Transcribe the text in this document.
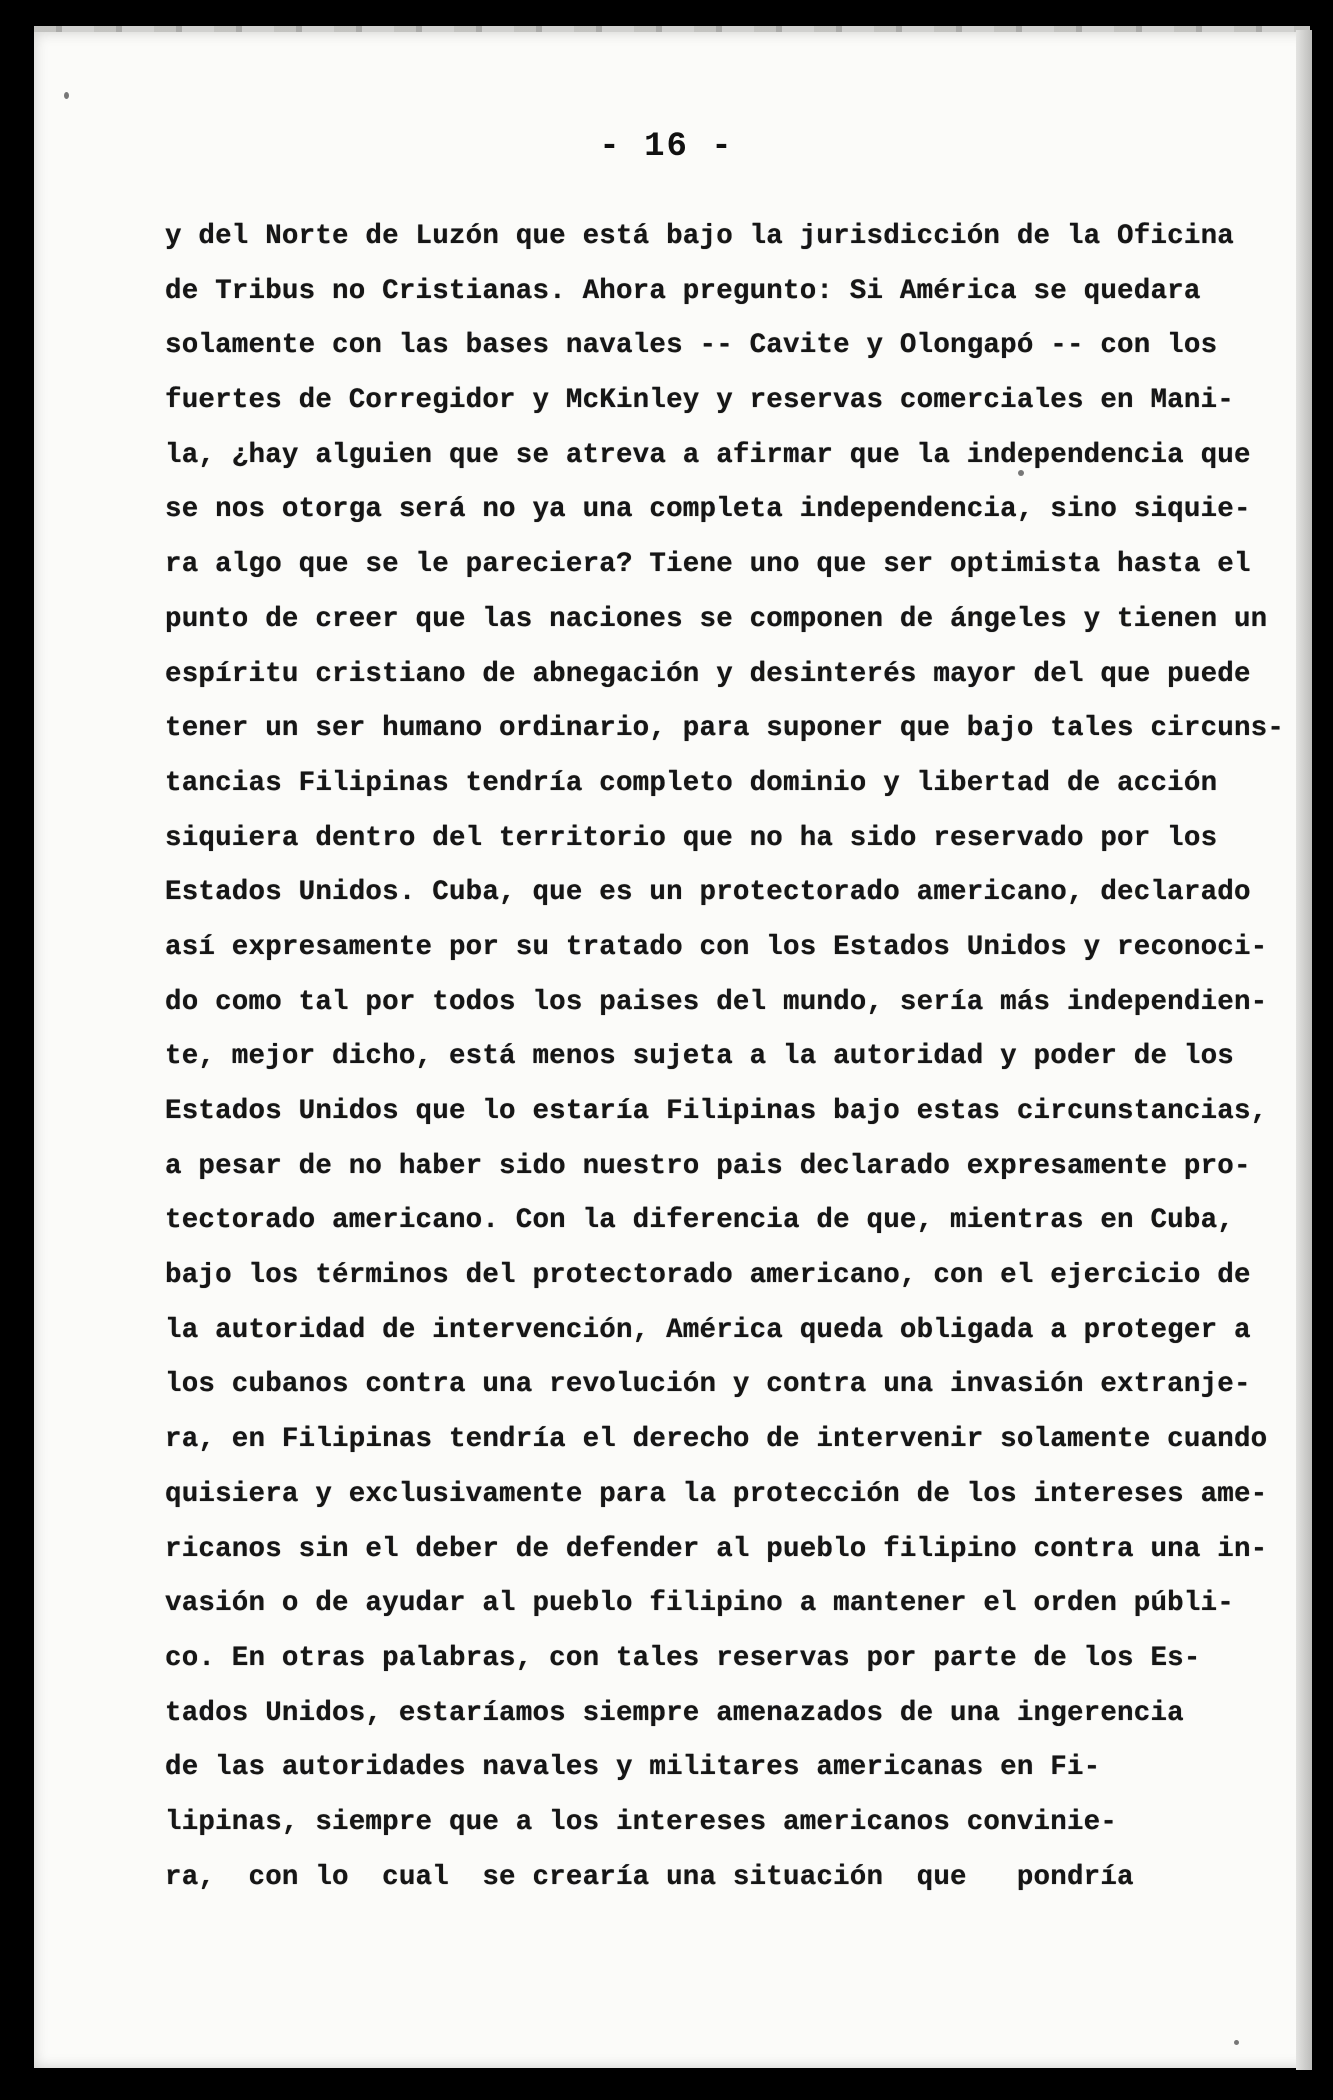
- 16 -
y del Norte de Luzón que está bajo la jurisdicción de la Oficina
de Tribus no Cristianas. Ahora pregunto: Si América se quedara
solamente con las bases navales -- Cavite y Olongapó -- con los
fuertes de Corregidor y McKinley y reservas comerciales en Mani-
la, ¿hay alguien que se atreva a afirmar que la independencia que
se nos otorga será no ya una completa independencia, sino siquie-
ra algo que se le pareciera? Tiene uno que ser optimista hasta el
punto de creer que las naciones se componen de ángeles y tienen un
espíritu cristiano de abnegación y desinterés mayor del que puede
tener un ser humano ordinario, para suponer que bajo tales circuns-
tancias Filipinas tendría completo dominio y libertad de acción
siquiera dentro del territorio que no ha sido reservado por los
Estados Unidos. Cuba, que es un protectorado americano, declarado
así expresamente por su tratado con los Estados Unidos y reconoci-
do como tal por todos los paises del mundo, sería más independien-
te, mejor dicho, está menos sujeta a la autoridad y poder de los
Estados Unidos que lo estaría Filipinas bajo estas circunstancias,
a pesar de no haber sido nuestro pais declarado expresamente pro-
tectorado americano. Con la diferencia de que, mientras en Cuba,
bajo los términos del protectorado americano, con el ejercicio de
la autoridad de intervención, América queda obligada a proteger a
los cubanos contra una revolución y contra una invasión extranje-
ra, en Filipinas tendría el derecho de intervenir solamente cuando
quisiera y exclusivamente para la protección de los intereses ame-
ricanos sin el deber de defender al pueblo filipino contra una in-
vasión o de ayudar al pueblo filipino a mantener el orden públi-
co. En otras palabras, con tales reservas por parte de los Es-
tados Unidos, estaríamos siempre amenazados de una ingerencia
de las autoridades navales y militares americanas en Fi-
lipinas, siempre que a los intereses americanos convinie-
ra,  con lo  cual  se crearía una situación  que   pondría
